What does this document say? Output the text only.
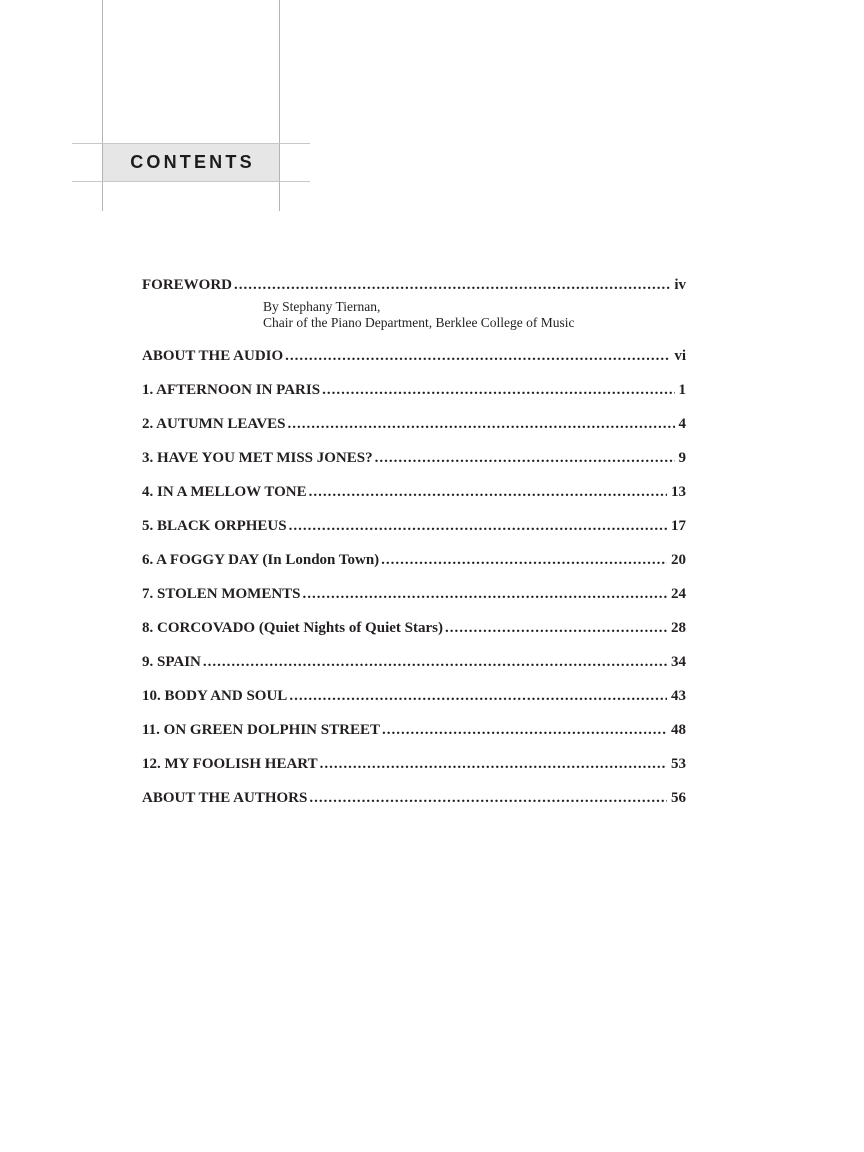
CONTENTS
FOREWORD .....	iv
By Stephany Tiernan,
Chair of the Piano Department, Berklee College of Music
ABOUT THE AUDIO .....	vi
1. AFTERNOON IN PARIS .....	1
2. AUTUMN LEAVES .....	4
3. HAVE YOU MET MISS JONES? .....	9
4. IN A MELLOW TONE .....	13
5. BLACK ORPHEUS .....	17
6. A FOGGY DAY (In London Town) .....	20
7. STOLEN MOMENTS .....	24
8. CORCOVADO (Quiet Nights of Quiet Stars) .....	28
9. SPAIN .....	34
10. BODY AND SOUL .....	43
11. ON GREEN DOLPHIN STREET .....	48
12. MY FOOLISH HEART .....	53
ABOUT THE AUTHORS .....	56
